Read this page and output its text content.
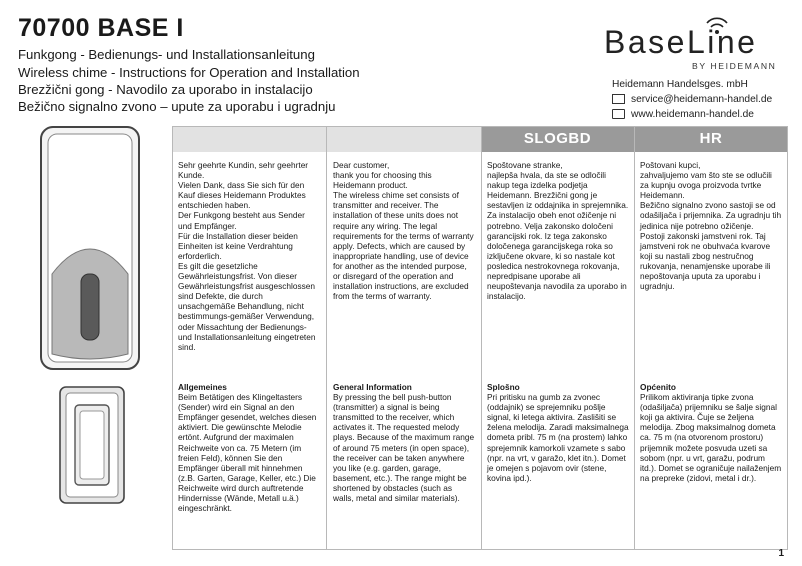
70700 BASE I
Funkgong - Bedienungs- und Installationsanleitung
Wireless chime - Instructions for Operation and Installation
Brezžični gong - Navodilo za uporabo in instalacijo
Bežično signalno zvono – upute za uporabu i ugradnju
BaseLine
BY HEIDEMANN
Heidemann Handelsges. mbH
service@heidemann-handel.de
www.heidemann-handel.de
SLOGBD	HR
Sehr geehrte Kundin, sehr geehrter Kunde.
Vielen Dank, dass Sie sich für den Kauf dieses Heidemann Produktes entschieden haben.
Der Funkgong besteht aus Sender und Empfänger.
Für die Installation dieser beiden Einheiten ist keine Verdrahtung erforderlich.
Es gilt die gesetzliche Gewährleistungsfrist. Von dieser Gewährleistungsfrist ausgeschlossen sind Defekte, die durch unsachgemäße Behandlung, nicht bestimmungs-gemäßer Verwendung, oder Missachtung der Bedienungs- und Installationsanleitung eingetreten sind.
Allgemeines
Beim Betätigen des Klingeltasters (Sender) wird ein Signal an den Empfänger gesendet, welches diesen aktiviert. Die gewünschte Melodie ertönt. Aufgrund der maximalen Reichweite von ca. 75 Metern (im freien Feld), können Sie den Empfänger überall mit hinnehmen (z.B. Garten, Garage, Keller, etc.) Die Reichweite wird durch auftretende Hindernisse (Wände, Metall u.ä.) eingeschränkt.
Dear customer,
thank you for choosing this Heidemann product.
The wireless chime set consists of transmitter and receiver. The installation of these units does not require any wiring. The legal requirements for the terms of warranty apply. Defects, which are caused by inappropriate handling, use of device for another as the intended purpose, or disregard of the operation and installation instructions, are excluded from the terms of warranty.
General Information
By pressing the bell push-button (transmitter) a signal is being transmitted to the receiver, which activates it. The requested melody plays. Because of the maximum range of around 75 meters (in open space), the receiver can be taken anywhere you like (e.g. garden, garage, basement, etc.). The range might be shortened by obstacles (such as walls, metal and similar materials).
Spoštovane stranke,
najlepša hvala, da ste se odločili nakup tega izdelka podjetja Heidemann. Brezžični gong je sestavljen iz oddajnika in sprejemnika. Za instalacijo obeh enot ožičenje ni potrebno. Velja zakonsko določeni garancijski rok. Iz tega zakonsko določenega garancijskega roka so izključene okvare, ki so nastale kot posledica nestrokovnega rokovanja, nepredpisane uporabe ali neupoštevanja navodila za uporabo in instalacijo.
Splošno
Pri pritisku na gumb za zvonec (oddajnik) se sprejemniku pošlje signal, ki letega aktivira. Zaslišiti se želena melodija. Zaradi maksimalnega dometa pribl. 75 m (na prostem) lahko sprejemnik kamorkoli vzamete s sabo (npr. na vrt, v garažo, klet itn.). Domet je omejen s pojavom ovir (stene, kovina ipd.).
Poštovani kupci,
zahvaljujemo vam što ste se odlučili za kupnju ovoga proizvoda tvrtke Heidemann.
Bežično signalno zvono sastoji se od odašiljača i prijemnika. Za ugradnju tih jedinica nije potrebno ožičenje.
Postoji zakonski jamstveni rok. Taj jamstveni rok ne obuhvaća kvarove koji su nastali zbog nestručnog rukovanja, nenamjenske uporabe ili nepoštovanja uputa za uporabu i ugradnju.
Općenito
Prilikom aktiviranja tipke zvona (odašiljača) prijemniku se šalje signal koji ga aktivira. Čuje se željena melodija. Zbog maksimalnog dometa ca. 75 m (na otvorenom prostoru) prijemnik možete posvuda uzeti sa sobom (npr. u vrt, garažu, podrum itd.). Domet se ograničuje nailaženjem na prepreke (zidovi, metal i dr.).
1
